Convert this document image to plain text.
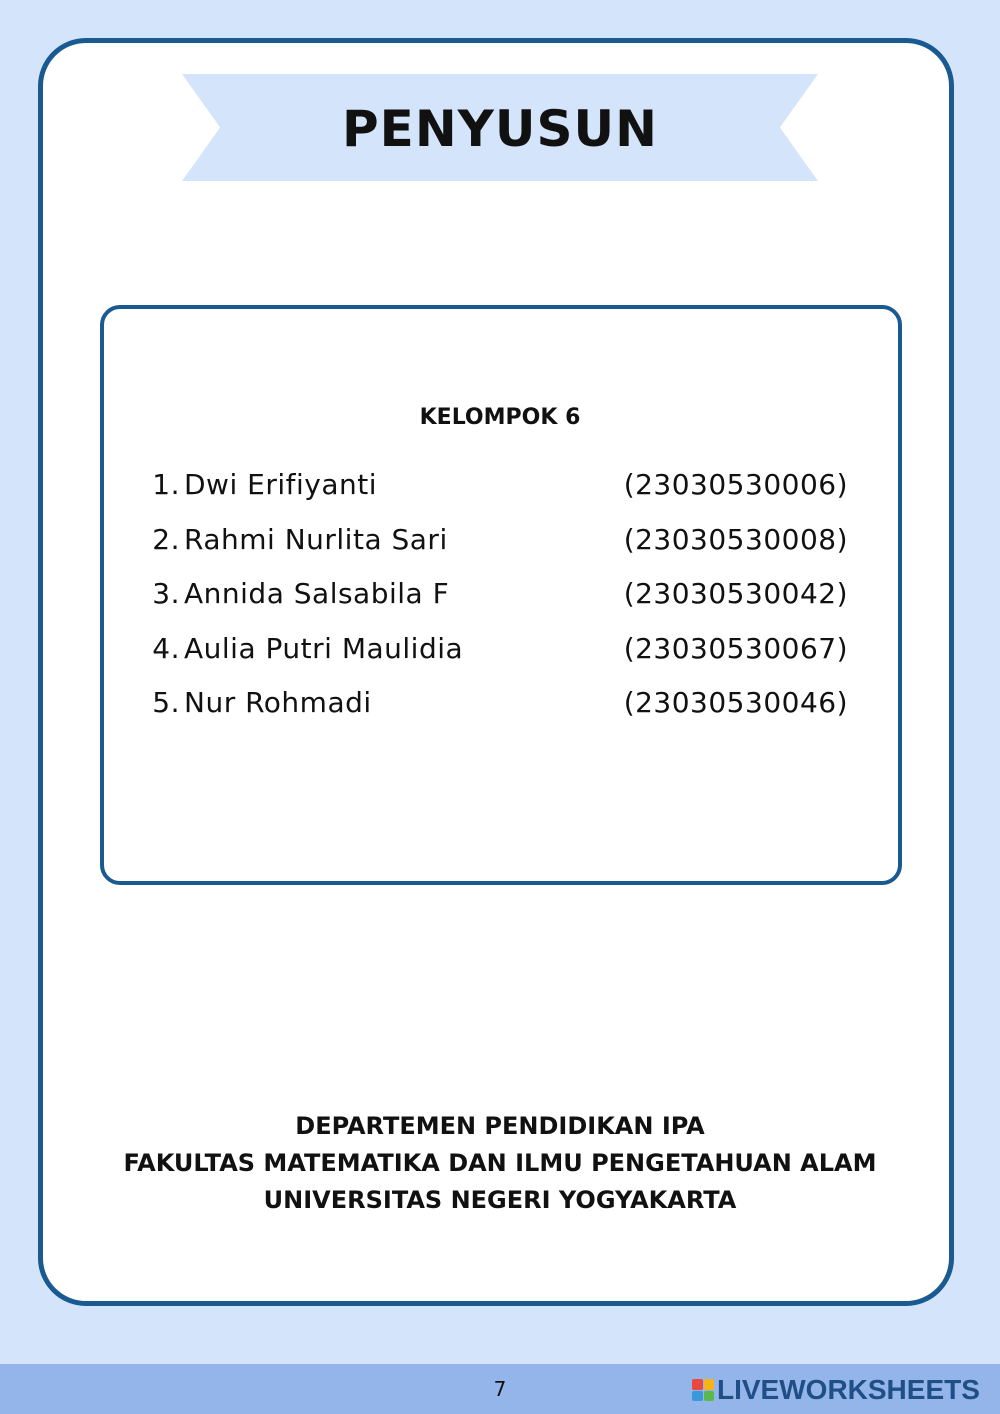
PENYUSUN
KELOMPOK 6
1. Dwi Erifiyanti	(23030530006)
2. Rahmi Nurlita Sari	(23030530008)
3. Annida Salsabila F	(23030530042)
4. Aulia Putri Maulidia	(23030530067)
5. Nur Rohmadi	(23030530046)
DEPARTEMEN PENDIDIKAN IPA
FAKULTAS MATEMATIKA DAN ILMU PENGETAHUAN ALAM
UNIVERSITAS NEGERI YOGYAKARTA
7	LIVEWORKSHEETS
